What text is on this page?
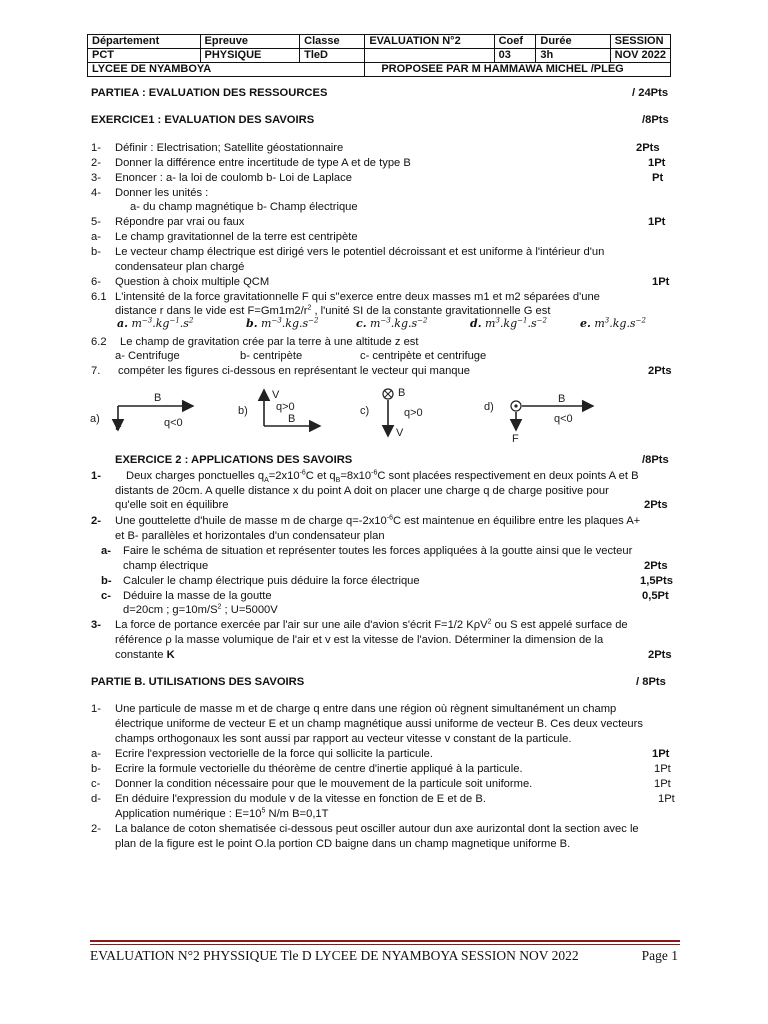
Département	Epreuve	Classe	EVALUATION N°2	Coef	Durée	SESSION
PCT	PHYSIQUE	TleD		03	3h	NOV 2022
LYCEE DE NYAMBOYA			PROPOSEE PAR M HAMMAWA MICHEL /PLEG			
PARTIEA : EVALUATION DES RESSOURCES	/ 24Pts
EXERCICE1 : EVALUATION DES SAVOIRS	/8Pts
1- Définir : Electrisation; Satellite géostationnaire	2Pts
2- Donner la différence entre incertitude de type A et de type B	1Pt
3- Enoncer : a- la loi de coulomb b- Loi de Laplace	Pt
4- Donner les unités :
a- du champ magnétique b- Champ électrique
5- Répondre par vrai ou faux	1Pt
a- Le champ gravitationnel de la terre est centripète
b- Le vecteur champ électrique est dirigé vers le potentiel décroissant et est uniforme à l'intérieur d'un
condensateur plan chargé
6- Question à choix multiple QCM	1Pt
6.1 L'intensité de la force gravitationnelle F qui s''exerce entre deux masses m1 et m2 séparées d'une
distance r dans le vide est $F=Gm1m2/r^2$ , l'unité SI de la constante gravitationnelle G est
a. $m^{-3}.kg^{-1}.s^2$	b. $m^{-3}.kg.s^{-2}$	c. $m^{-3}.kg.s^{-2}$	d. $m^3.kg^{-1}.s^{-2}$	e. $m^3.kg.s^{-2}$
6.2 Le champ de gravitation crée par la terre à une altitude z est
a- Centrifuge	b- centripète	c- centripète et centrifuge
7. compéter les figures ci-dessous en représentant le vecteur qui manque	2Pts
a)
B
F	q<0
b)
V
B
q>0	c)
B
V
q>0	d)
B
F
q<0
EXERCICE 2 : APPLICATIONS DES SAVOIRS	/8Pts
1- Deux charges ponctuelles $q_A=2x10^{-6}C$ et $q_B=8x10^{-6}C$ sont placées respectivement en deux points A et B
distants de 20cm. A quelle distance x du point A doit on placer une charge q de charge positive pour
qu'elle soit en équilibre	2Pts
2- Une gouttelette d'huile de masse m de charge $q=-2x10^{-6}C$ est maintenue en équilibre entre les plaques A+
et B- parallèles et horizontales d'un condensateur plan
a- Faire le schéma de situation et représenter toutes les forces appliquées à la goutte ainsi que le vecteur
champ électrique	2Pts
b- Calculer le champ électrique puis déduire la force électrique	1,5Pts
c- Déduire la masse de la goutte	0,5Pt
d=20cm ; $g=10m/S^2$ ; U=5000V
3- La force de portance exercée par l'air sur une aile d'avion s'écrit F=1/2 KρV$^2$ ou S est appelé surface de
référence ρ la masse volumique de l'air et v est la vitesse de l'avion. Déterminer la dimension de la
constante K	2Pts
PARTIE B. UTILISATIONS DES SAVOIRS	/ 8Pts
1- Une particule de masse m et de charge q entre dans une région où règnent simultanément un champ
électrique uniforme de vecteur E et un champ magnétique aussi uniforme de vecteur B. Ces deux vecteurs
champs orthogonaux les sont aussi par rapport au vecteur vitesse v constant de la particule.
a- Ecrire l'expression vectorielle de la force qui sollicite la particule.	1Pt
b- Ecrire la formule vectorielle du théorème de centre d'inertie appliqué à la particule.	1Pt
c- Donner la condition nécessaire pour que le mouvement de la particule soit uniforme.	1Pt
d- En déduire l'expression du module v de la vitesse en fonction de E et de B.	1Pt
Application numérique : $E=10^5$ N/m B=0,1T
2- La balance de coton shematisée ci-dessous peut osciller autour dun axe aurizontal dont la section avec le
plan de la figure est le point O.la portion CD baigne dans un champ magnetique uniforme B.
EVALUATION N°2 PHYSSIQUE Tle D LYCEE DE NYAMBOYA SESSION NOV 2022	Page 1
